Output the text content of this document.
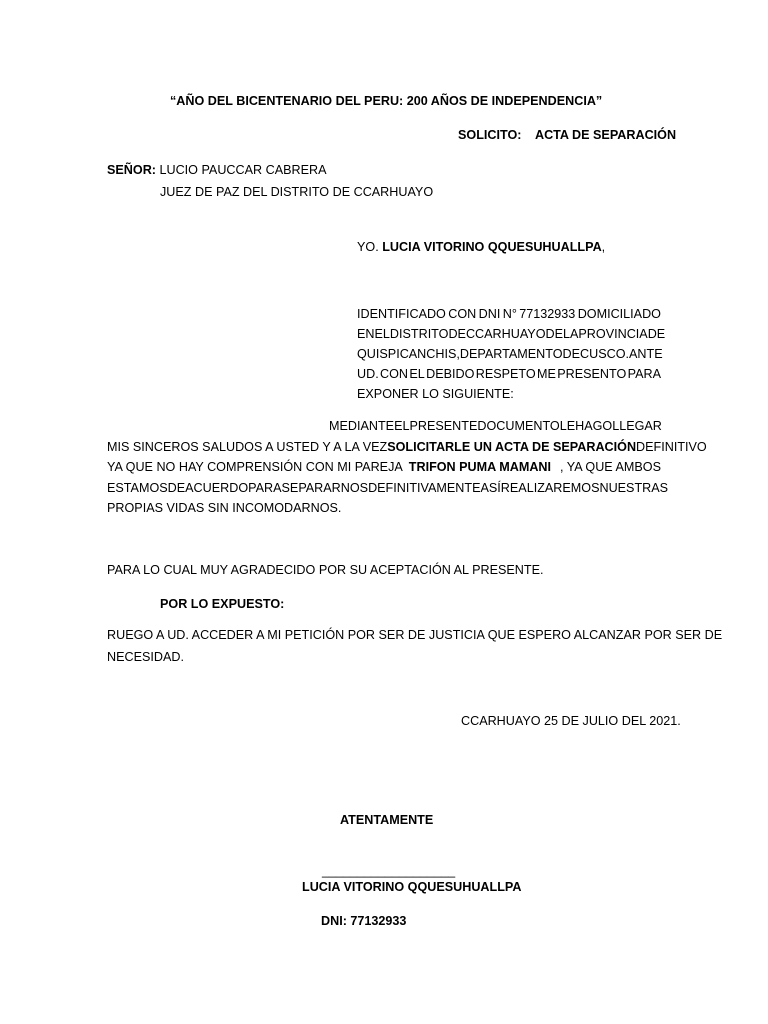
“AÑO DEL BICENTENARIO DEL PERU: 200 AÑOS DE INDEPENDENCIA”
SOLICITO: ACTA DE SEPARACIÓN
SEÑOR: LUCIO PAUCCAR CABRERA
JUEZ DE PAZ DEL DISTRITO DE CCARHUAYO
YO. LUCIA VITORINO QQUESUHUALLPA,
IDENTIFICADO CON DNI N° 77132933 DOMICILIADO
EN EL DISTRITO DE CCARHUAYO DE LA PROVINCIA DE
QUISPICANCHIS, DEPARTAMENTO DE CUSCO. ANTE
UD. CON EL DEBIDO RESPETO ME PRESENTO PARA
EXPONER LO SIGUIENTE:
MEDIANTE EL PRESENTE DOCUMENTO LE HAGO LLEGAR
MIS SINCEROS SALUDOS A USTED Y A LA VEZ SOLICITARLE UN ACTA DE SEPARACIÓN DEFINITIVO
YA QUE NO HAY COMPRENSIÓN CON MI PAREJA TRIFON PUMA MAMANI , YA QUE AMBOS
ESTAMOS DE ACUERDO PARA SEPARARNOS DEFINITIVAMENTE ASÍ REALIZAREMOS NUESTRAS
PROPIAS VIDAS SIN INCOMODARNOS.
PARA LO CUAL MUY AGRADECIDO POR SU ACEPTACIÓN AL PRESENTE.
POR LO EXPUESTO:
RUEGO A UD. ACCEDER A MI PETICIÓN POR SER DE JUSTICIA QUE ESPERO ALCANZAR POR SER DE
NECESIDAD.
CCARHUAYO 25 DE JULIO DEL 2021.
ATENTAMENTE
___________________
LUCIA VITORINO QQUESUHUALLPA
DNI: 77132933
